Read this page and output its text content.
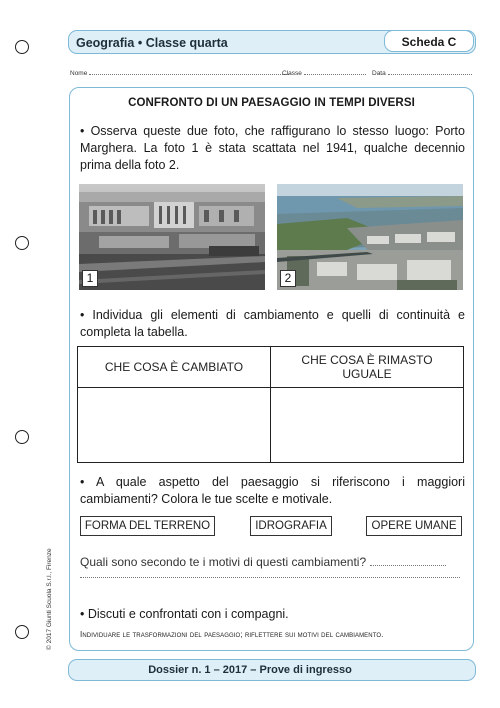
Geografia • Classe quarta	Scheda C
Nome	Classe	Data
CONFRONTO DI UN PAESAGGIO IN TEMPI DIVERSI
• Osserva queste due foto, che raffigurano lo stesso luogo: Porto Marghera. La foto 1 è stata scattata nel 1941, qualche decennio prima della foto 2.
1	2
• Individua gli elementi di cambiamento e quelli di continuità e completa la tabella.
CHE COSA È CAMBIATO	CHE COSA È RIMASTO UGUALE

• A quale aspetto del paesaggio si riferiscono i maggiori cambiamenti? Colora le tue scelte e motivale.
FORMA DEL TERRENO	IDROGRAFIA	OPERE UMANE
Quali sono secondo te i motivi di questi cambiamenti?
• Discuti e confrontati con i compagni.
Individuare le trasformazioni del paesaggio; riflettere sui motivi del cambiamento.
Dossier n. 1 – 2017 – Prove di ingresso
© 2017 Giunti Scuola S.r.l., Firenze
